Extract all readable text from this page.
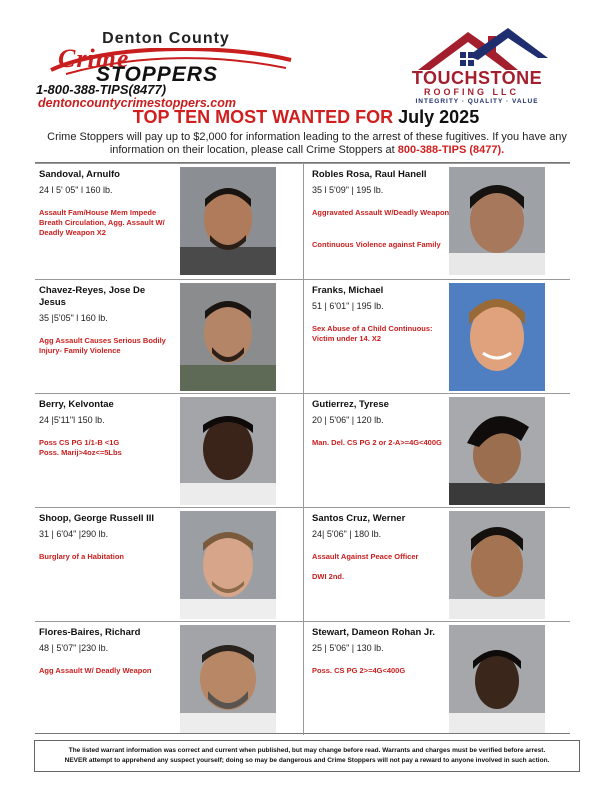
Denton County
Crime
STOPPERS
1-800-388-TIPS(8477)
dentoncountycrimestoppers.com
TOUCHSTONE
ROOFING LLC
INTEGRITY · QUALITY · VALUE
TOP TEN MOST WANTED FOR July 2025
Crime Stoppers will pay up to $2,000 for information leading to the arrest of these fugitives. If you have any information on their location, please call Crime Stoppers at 800-388-TIPS (8477).
Sandoval, Arnulfo
24 l 5' 05" l 160 lb.
Assault Fam/House Mem Impede Breath Circulation, Agg. Assault W/ Deadly Weapon X2
Robles Rosa, Raul Hanell
35 l 5'09" | 195 lb.
Aggravated Assault W/Deadly Weapon
Continuous Violence against Family
Chavez-Reyes, Jose De Jesus
35 |5'05" l 160 lb.
Agg Assault Causes Serious Bodily Injury- Family Violence
Franks, Michael
51 | 6'01" | 195 lb.
Sex Abuse of a Child Continuous: Victim under 14. X2
Berry, Kelvontae
24 |5'11"l 150 lb.
Poss CS PG 1/1-B <1G
Poss. Marij>4oz<=5Lbs
Gutierrez, Tyrese
20 | 5'06" | 120 lb.
Man. Del. CS PG 2 or 2-A>=4G<400G
Shoop, George Russell III
31 | 6'04" |290 lb.
Burglary of a Habitation
Santos Cruz, Werner
24| 5'06" | 180 lb.
Assault Against Peace Officer
DWI 2nd.
Flores-Baires, Richard
48 | 5'07" |230 lb.
Agg Assault W/ Deadly Weapon
Stewart, Dameon Rohan Jr.
25 | 5'06" | 130 lb.
Poss. CS PG 2>=4G<400G
The listed warrant information was correct and current when published, but may change before read. Warrants and charges must be verified before arrest.
NEVER attempt to apprehend any suspect yourself; doing so may be dangerous and Crime Stoppers will not pay a reward to anyone involved in such action.
